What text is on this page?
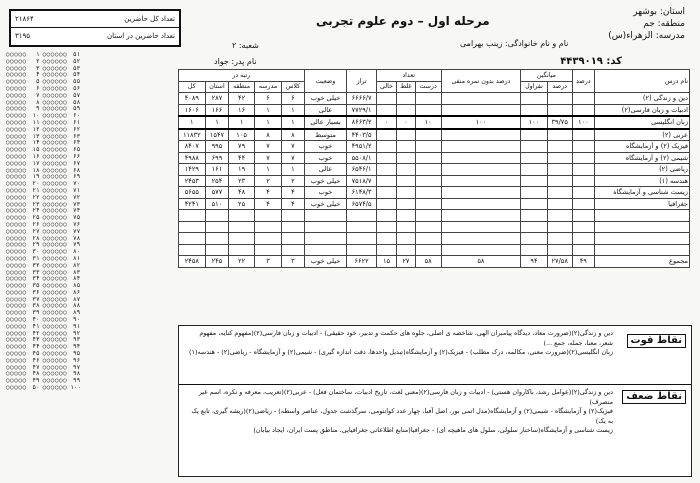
۲۱۸۶۴	تعداد کل حاضرین
۳۱۹۵	تعداد حاضرین در استان
مرحله اول – دوم علوم تجربی
استان: بوشهر
منطقه: جم
مدرسه: الزهراء(س)
کد: ۴۴۳۹۰۱۹
نام و نام خانوادگی: زینب بهرامی
شعبه: ۲
نام پدر: جواد
○○○○○	۱ ○○○○○○ ۵۱
○○○○○	۲ ○○○○○○ ۵۲
○○○○○	۳ ○○○○○○ ۵۳
○○○○○	۴ ○○○○○○ ۵۴
○○○○○	۵ ○○○○○○ ۵۵
○○○○○	۶ ○○○○○○ ۵۶
○○○○○	۷ ○○○○○○ ۵۷
○○○○○	۸ ○○○○○○ ۵۸
○○○○○	۹ ○○○○○○ ۵۹
○○○○○ ۱۰ ○○○○○○ ۶۰
○○○○○ ۱۱ ○○○○○○ ۶۱
○○○○○ ۱۲ ○○○○○○ ۶۲
○○○○○ ۱۳ ○○○○○○ ۶۳
○○○○○ ۱۴ ○○○○○○ ۶۴
○○○○○ ۱۵ ○○○○○○ ۶۵
○○○○○ ۱۶ ○○○○○○ ۶۶
○○○○○ ۱۷ ○○○○○○ ۶۷
○○○○○ ۱۸ ○○○○○○ ۶۸
○○○○○ ۱۹ ○○○○○○ ۶۹
○○○○○ ۲۰ ○○○○○○ ۷۰
○○○○○ ۲۱ ○○○○○○ ۷۱
○○○○○ ۲۲ ○○○○○○ ۷۲
○○○○○ ۲۳ ○○○○○○ ۷۳
○○○○○ ۲۴ ○○○○○○ ۷۴
○○○○○ ۲۵ ○○○○○○ ۷۵
○○○○○ ۲۶ ○○○○○○ ۷۶
○○○○○ ۲۷ ○○○○○○ ۷۷
○○○○○ ۲۸ ○○○○○○ ۷۸
○○○○○ ۲۹ ○○○○○○ ۷۹
○○○○○ ۳۰ ○○○○○○ ۸۰
○○○○○ ۳۱ ○○○○○○ ۸۱
○○○○○ ۳۲ ○○○○○○ ۸۲
○○○○○ ۳۳ ○○○○○○ ۸۳
○○○○○ ۳۴ ○○○○○○ ۸۴
○○○○○ ۳۵ ○○○○○○ ۸۵
○○○○○ ۳۶ ○○○○○○ ۸۶
○○○○○ ۳۷ ○○○○○○ ۸۷
○○○○○ ۳۸ ○○○○○○ ۸۸
○○○○○ ۳۹ ○○○○○○ ۸۹
○○○○○ ۴۰ ○○○○○○ ۹۰
○○○○○ ۴۱ ○○○○○○ ۹۱
○○○○○ ۴۲ ○○○○○○ ۹۲
○○○○○ ۴۳ ○○○○○○ ۹۳
○○○○○ ۴۴ ○○○○○○ ۹۴
○○○○○ ۴۵ ○○○○○○ ۹۵
○○○○○ ۴۶ ○○○○○○ ۹۶
○○○○○ ۴۷ ○○○○○○ ۹۷
○○○○○ ۴۸ ○○○○○○ ۹۸
○○○○○ ۴۹ ○○○○○○ ۹۹
○○○○○ ۵۰ ○○○○○○ ۱۰۰
نام درس	درصد	میانگین		درصد بدون نمره منفی	تعداد			تراز	وضعیت	رتبه در				
		درصد	نفراول		درست	غلط	خالی			کلاس	مدرسه	منطقه	استان	کل
دین و زندگی (۲)								۶۶۶۶/۷	خیلی خوب	۶	۶	۴۲	۲۸۷	۴۰۸۹
ادبیات و زبان فارسی(۲)								۷۷۲۹/۱	عالی	۱	۱	۱۶	۱۶۶	۱۶۰۶
زبان انگلیسی	۱۰۰	۳۹/۷۵	۱۰۰	۱۰۰	۱۰	۰	۰	۸۶۶۳/۲	بسیار عالی	۱	۱	۱	۱	۱
عربی (۲)								۴۴۰۳/۵	متوسط	۸	۸	۱۰۵	۱۵۴۷	۱۱۸۳۲
فیزیک (۲) و آزمایشگاه								۴۹۵۱/۲	خوب	۷	۷	۷۹	۹۹۵	۸۴۰۷
شیمی (۲) و آزمایشگاه								۵۵۰۸/۱	خوب	۷	۷	۴۴	۶۹۹	۴۹۸۸
ریاضی (۲)								۶۵۴۶/۱	عالی	۱	۱	۱۹	۱۶۱	۱۴۲۹
هندسه (۱)								۷۵۱۸/۷	خیلی خوب	۲	۲	۲۳	۲۵۴	۲۴۵۳
زیست شناسی و آزمایشگاه								۶۱۴۸/۳	خوب	۴	۴	۴۸	۵۷۷	۵۶۵۵
جغرافیا								۶۵۷۴/۵	خیلی خوب	۴	۴	۲۵	۵۱۰	۴۲۴۱

مجموع	۴۹	۲۷/۵۸	۹۴	۵۸	۵۸	۲۷	۱۵	۶۶۲۲	خیلی خوب	۳	۳	۲۲	۲۴۵	۲۴۵۸
نقاط قوت

دین و زندگی(۲)(ضرورت معاد، دیدگاه پیامبران الهی، شاخصه ی اصلی، جلوه های حکمت و تدبیر، خود حقیقی) - ادبیات و زبان فارسی(۲)(مفهوم کنایه، مفهوم شعر، معنا، جمله، جمع ...)

زبان انگلیسی(۲)(ضرورت معنی، مکالمه، درک مطلب) - فیزیک(۲) و آزمایشگاه(تبدیل واحدها، دقت اندازه گیری) - شیمی(۲) و آزمایشگاه - ریاضی(۲) - هندسه(۱)

نقاط ضعف

دین و زندگی(۲)(عوامل رشد، باکاروان هستی) - ادبیات و زبان فارسی(۲)(معنی لغت، تاریخ ادبیات، ساختمان فعل) - عربی(۲)(تعریب، معرفه و نکره، اسم غیر منصرف)

فیزیک(۲) و آزمایشگاه - شیمی(۲) و آزمایشگاه(مدل اتمی بور، اصل آفبا، چهار عدد کوانتومی، سرگذشت جدول، عناصر واسطه) - ریاضی(۲)(ریشه گیری، تابع یک به یک)

زیست شناسی و آزمایشگاه(ساختار سلولی، سلول های ماهیچه ای) - جغرافیا(منابع اطلاعاتی جغرافیایی، مناطق پست ایران، ایجاد بیابان)
